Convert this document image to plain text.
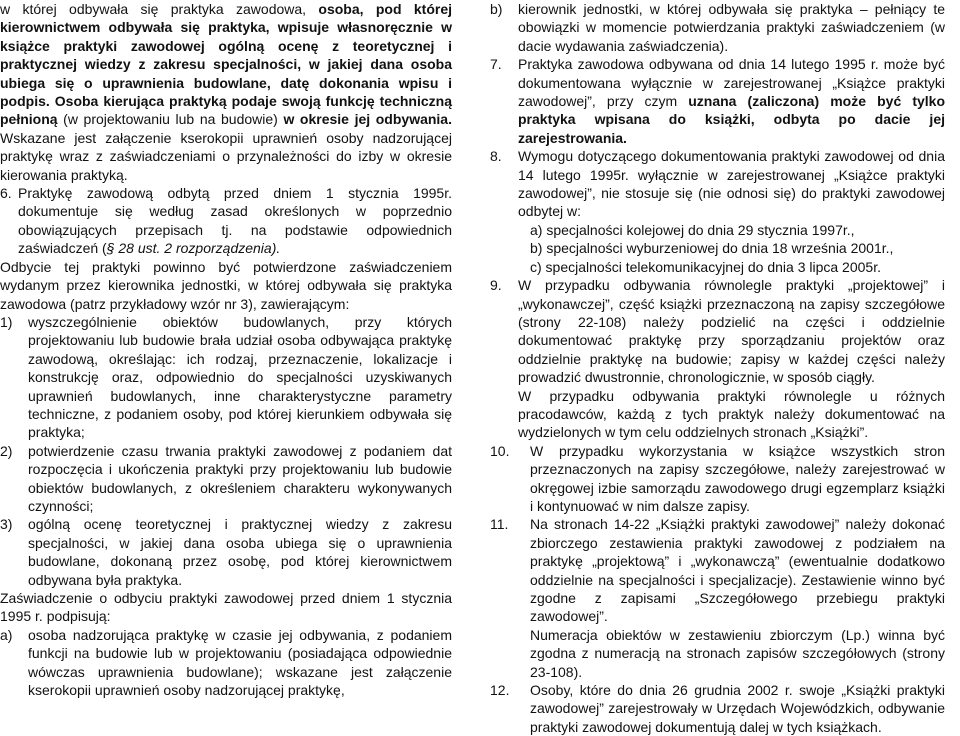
w której odbywała się praktyka zawodowa, osoba, pod której kierownictwem odbywała się praktyka, wpisuje własnoręcznie w książce praktyki zawodowej ogólną ocenę z teoretycznej i praktycznej wiedzy z zakresu specjalności, w jakiej dana osoba ubiega się o uprawnienia budowlane, datę dokonania wpisu i podpis. Osoba kierująca praktyką podaje swoją funkcję techniczną pełnioną (w projektowaniu lub na budowie) w okresie jej odbywania. Wskazane jest załączenie kserokopii uprawnień osoby nadzorującej praktykę wraz z zaświadczeniami o przynależności do izby w okresie kierowania praktyką.

6. Praktykę zawodową odbytą przed dniem 1 stycznia 1995r. dokumentuje się według zasad określonych w poprzednio obowiązujących przepisach tj. na podstawie odpowiednich zaświadczeń (§ 28 ust. 2 rozporządzenia).

Odbycie tej praktyki powinno być potwierdzone zaświadczeniem wydanym przez kierownika jednostki, w której odbywała się praktyka zawodowa (patrz przykładowy wzór nr 3), zawierającym:

1) wyszczególnienie obiektów budowlanych, przy których projektowaniu lub budowie brała udział osoba odbywająca praktykę zawodową, określając: ich rodzaj, przeznaczenie, lokalizacje i konstrukcję oraz, odpowiednio do specjalności uzyskiwanych uprawnień budowlanych, inne charakterystyczne parametry techniczne, z podaniem osoby, pod której kierunkiem odbywała się praktyka;

2) potwierdzenie czasu trwania praktyki zawodowej z podaniem dat rozpoczęcia i ukończenia praktyki przy projektowaniu lub budowie obiektów budowlanych, z określeniem charakteru wykonywanych czynności;

3) ogólną ocenę teoretycznej i praktycznej wiedzy z zakresu specjalności, w jakiej dana osoba ubiega się o uprawnienia budowlane, dokonaną przez osobę, pod której kierownictwem odbywana była praktyka.

Zaświadczenie o odbyciu praktyki zawodowej przed dniem 1 stycznia 1995 r. podpisują:

a) osoba nadzorująca praktykę w czasie jej odbywania, z podaniem funkcji na budowie lub w projektowaniu (posiadająca odpowiednie wówczas uprawnienia budowlane); wskazane jest załączenie kserokopii uprawnień osoby nadzorującej praktykę,

b) kierownik jednostki, w której odbywała się praktyka – pełniący te obowiązki w momencie potwierdzania praktyki zaświadczeniem (w dacie wydawania zaświadczenia).

7. Praktyka zawodowa odbywana od dnia 14 lutego 1995 r. może być dokumentowana wyłącznie w zarejestrowanej „Książce praktyki zawodowej”, przy czym uznana (zaliczona) może być tylko praktyka wpisana do książki, odbyta po dacie jej zarejestrowania.

8. Wymogu dotyczącego dokumentowania praktyki zawodowej od dnia 14 lutego 1995r. wyłącznie w zarejestrowanej „Książce praktyki zawodowej”, nie stosuje się (nie odnosi się) do praktyki zawodowej odbytej w:

a) specjalności kolejowej do dnia 29 stycznia 1997r.,

b) specjalności wyburzeniowej do dnia 18 września 2001r.,

c) specjalności telekomunikacyjnej do dnia 3 lipca 2005r.

9. W przypadku odbywania równolegle praktyki „projektowej” i „wykonawczej”, część książki przeznaczoną na zapisy szczegółowe (strony 22-108) należy podzielić na części i oddzielnie dokumentować praktykę przy sporządzaniu projektów oraz oddzielnie praktykę na budowie; zapisy w każdej części należy prowadzić dwustronnie, chronologicznie, w sposób ciągły.

W przypadku odbywania praktyki równolegle u różnych pracodawców, każdą z tych praktyk należy dokumentować na wydzielonych w tym celu oddzielnych stronach „Książki”.

10. W przypadku wykorzystania w książce wszystkich stron przeznaczonych na zapisy szczegółowe, należy zarejestrować w okręgowej izbie samorządu zawodowego drugi egzemplarz książki i kontynuować w nim dalsze zapisy.

11. Na stronach 14-22 „Książki praktyki zawodowej” należy dokonać zbiorczego zestawienia praktyki zawodowej z podziałem na praktykę „projektową” i „wykonawczą” (ewentualnie dodatkowo oddzielnie na specjalności i specjalizacje). Zestawienie winno być zgodne z zapisami „Szczegółowego przebiegu praktyki zawodowej”.

Numeracja obiektów w zestawieniu zbiorczym (Lp.) winna być zgodna z numeracją na stronach zapisów szczegółowych (strony 23-108).

12. Osoby, które do dnia 26 grudnia 2002 r. swoje „Książki praktyki zawodowej” zarejestrowały w Urzędach Wojewódzkich, odbywanie praktyki zawodowej dokumentują dalej w tych książkach.
